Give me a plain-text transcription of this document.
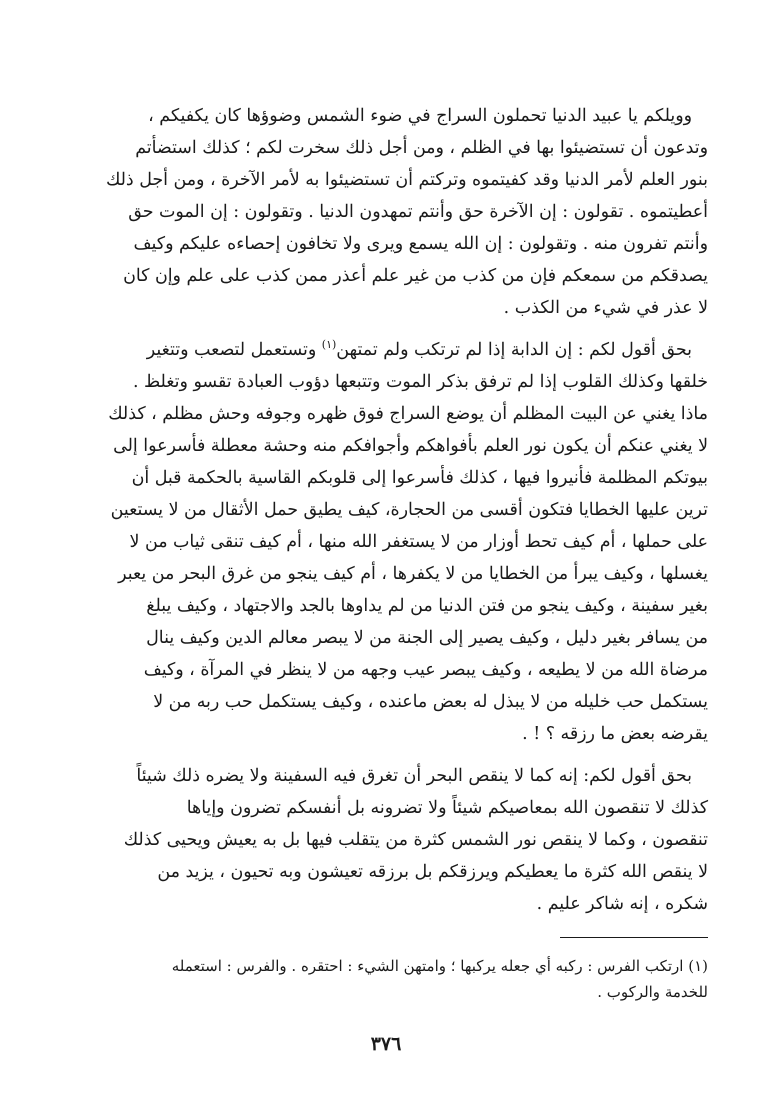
وويلكم يا عبيد الدنيا تحملون السراج في ضوء الشمس وضوؤها كان يكفيكم ،
وتدعون أن تستضيئوا بها في الظلم ، ومن أجل ذلك سخرت لكم ؛ كذلك استضأتم
بنور العلم لأمر الدنيا وقد كفيتموه وتركتم أن تستضيئوا به لأمر الآخرة ، ومن أجل ذلك
أعطيتموه . تقولون : إن الآخرة حق وأنتم تمهدون الدنيا . وتقولون : إن الموت حق
وأنتم تفرون منه . وتقولون : إن الله يسمع ويرى ولا تخافون إحصاءه عليكم وكيف
يصدقكم من سمعكم فإن من كذب من غير علم أعذر ممن كذب على علم وإن كان
لا عذر في شيء من الكذب .

بحق أقول لكم : إن الدابة إذا لم ترتكب ولم تمتهن$^{(١)}$ وتستعمل لتصعب وتتغير
خلقها وكذلك القلوب إذا لم ترفق بذكر الموت وتتبعها دؤوب العبادة تقسو وتغلظ .
ماذا يغني عن البيت المظلم أن يوضع السراج فوق ظهره وجوفه وحش مظلم ، كذلك
لا يغني عنكم أن يكون نور العلم بأفواهكم وأجوافكم منه وحشة معطلة فأسرعوا إلى
بيوتكم المظلمة فأنيروا فيها ، كذلك فأسرعوا إلى قلوبكم القاسية بالحكمة قبل أن
ترين عليها الخطايا فتكون أقسى من الحجارة، كيف يطيق حمل الأثقال من لا يستعين
على حملها ، أم كيف تحط أوزار من لا يستغفر الله منها ، أم كيف تنقى ثياب من لا
يغسلها ، وكيف يبرأ من الخطايا من لا يكفرها ، أم كيف ينجو من غرق البحر من يعبر
بغير سفينة ، وكيف ينجو من فتن الدنيا من لم يداوها بالجد والاجتهاد ، وكيف يبلغ
من يسافر بغير دليل ، وكيف يصير إلى الجنة من لا يبصر معالم الدين وكيف ينال
مرضاة الله من لا يطيعه ، وكيف يبصر عيب وجهه من لا ينظر في المرآة ، وكيف
يستكمل حب خليله من لا يبذل له بعض ماعنده ، وكيف يستكمل حب ربه من لا
يقرضه بعض ما رزقه ؟ ! .

بحق أقول لكم: إنه كما لا ينقص البحر أن تغرق فيه السفينة ولا يضره ذلك شيئاً
كذلك لا تنقصون الله بمعاصيكم شيئاً ولا تضرونه بل أنفسكم تضرون وإياها
تنقصون ، وكما لا ينقص نور الشمس كثرة من يتقلب فيها بل به يعيش ويحيى كذلك
لا ينقص الله كثرة ما يعطيكم ويرزقكم بل برزقه تعيشون وبه تحيون ، يزيد من
شكره ، إنه شاكر عليم .

(١) ارتكب الفرس : ركبه أي جعله يركبها ؛ وامتهن الشيء : احتقره . والفرس : استعمله
للخدمة والركوب .

٣٧٦
